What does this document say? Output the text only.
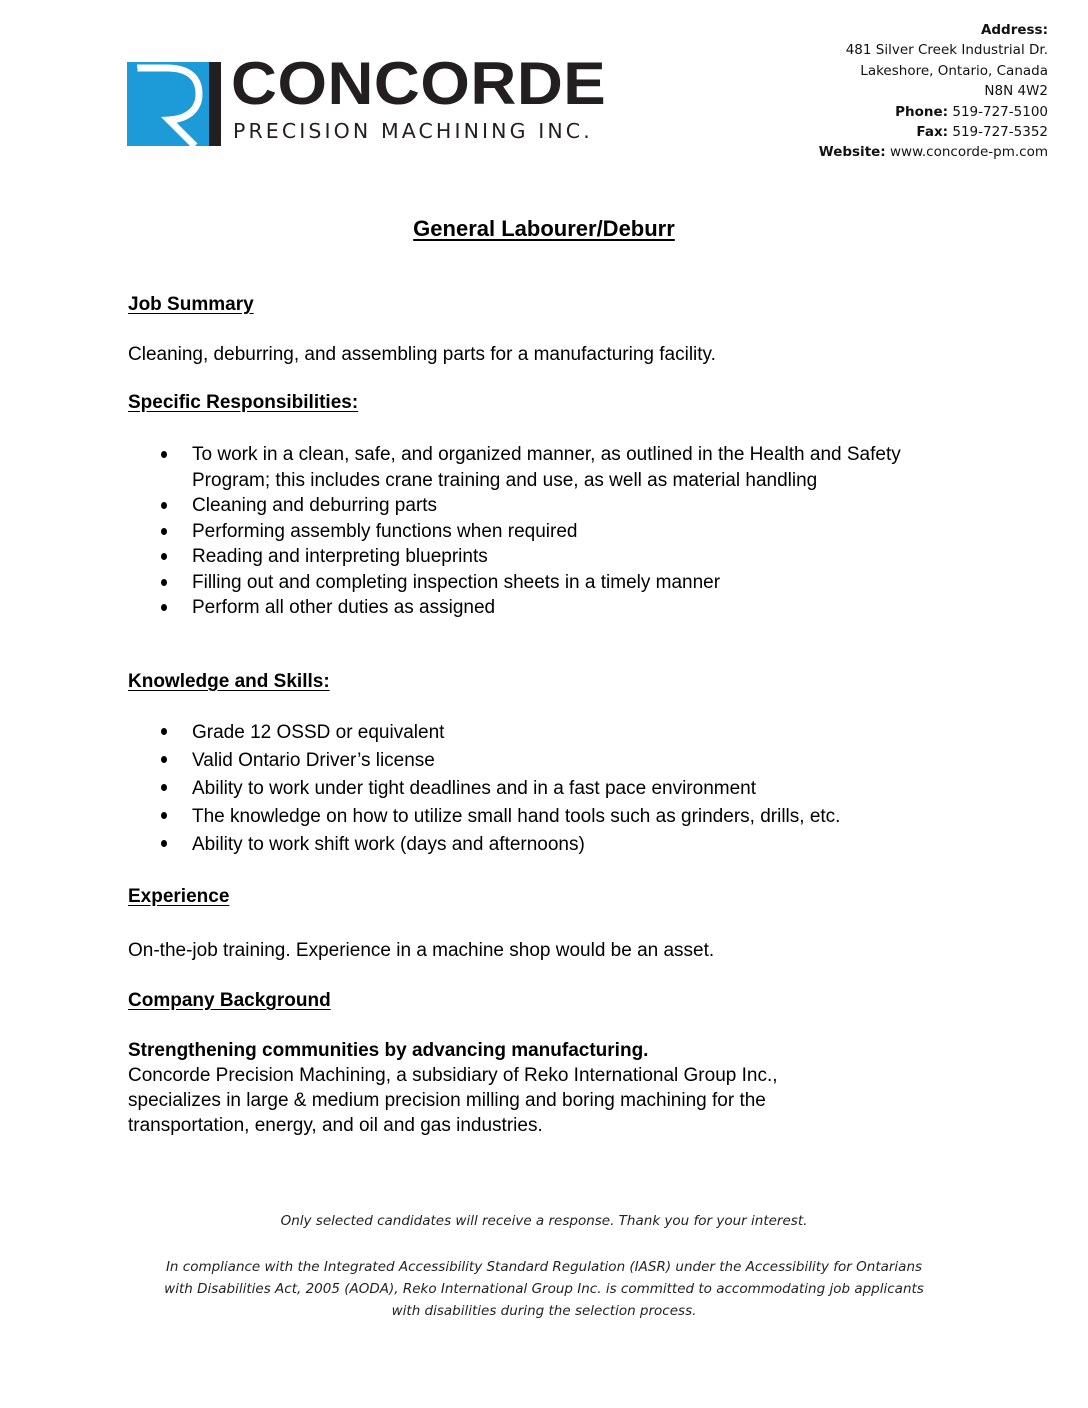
CONCORDE
PRECISION MACHINING INC.
Address:
481 Silver Creek Industrial Dr.
Lakeshore, Ontario, Canada
N8N 4W2
Phone: 519-727-5100
Fax: 519-727-5352
Website: www.concorde-pm.com
General Labourer/Deburr
Job Summary
Cleaning, deburring, and assembling parts for a manufacturing facility.
Specific Responsibilities:
To work in a clean, safe, and organized manner, as outlined in the Health and Safety Program; this includes crane training and use, as well as material handling
Cleaning and deburring parts
Performing assembly functions when required
Reading and interpreting blueprints
Filling out and completing inspection sheets in a timely manner
Perform all other duties as assigned
Knowledge and Skills:
Grade 12 OSSD or equivalent
Valid Ontario Driver’s license
Ability to work under tight deadlines and in a fast pace environment
The knowledge on how to utilize small hand tools such as grinders, drills, etc.
Ability to work shift work (days and afternoons)
Experience
On-the-job training. Experience in a machine shop would be an asset.
Company Background
Strengthening communities by advancing manufacturing.
Concorde Precision Machining, a subsidiary of Reko International Group Inc.,
specializes in large & medium precision milling and boring machining for the
transportation, energy, and oil and gas industries.
Only selected candidates will receive a response. Thank you for your interest.
In compliance with the Integrated Accessibility Standard Regulation (IASR) under the Accessibility for Ontarians
with Disabilities Act, 2005 (AODA), Reko International Group Inc. is committed to accommodating job applicants
with disabilities during the selection process.
